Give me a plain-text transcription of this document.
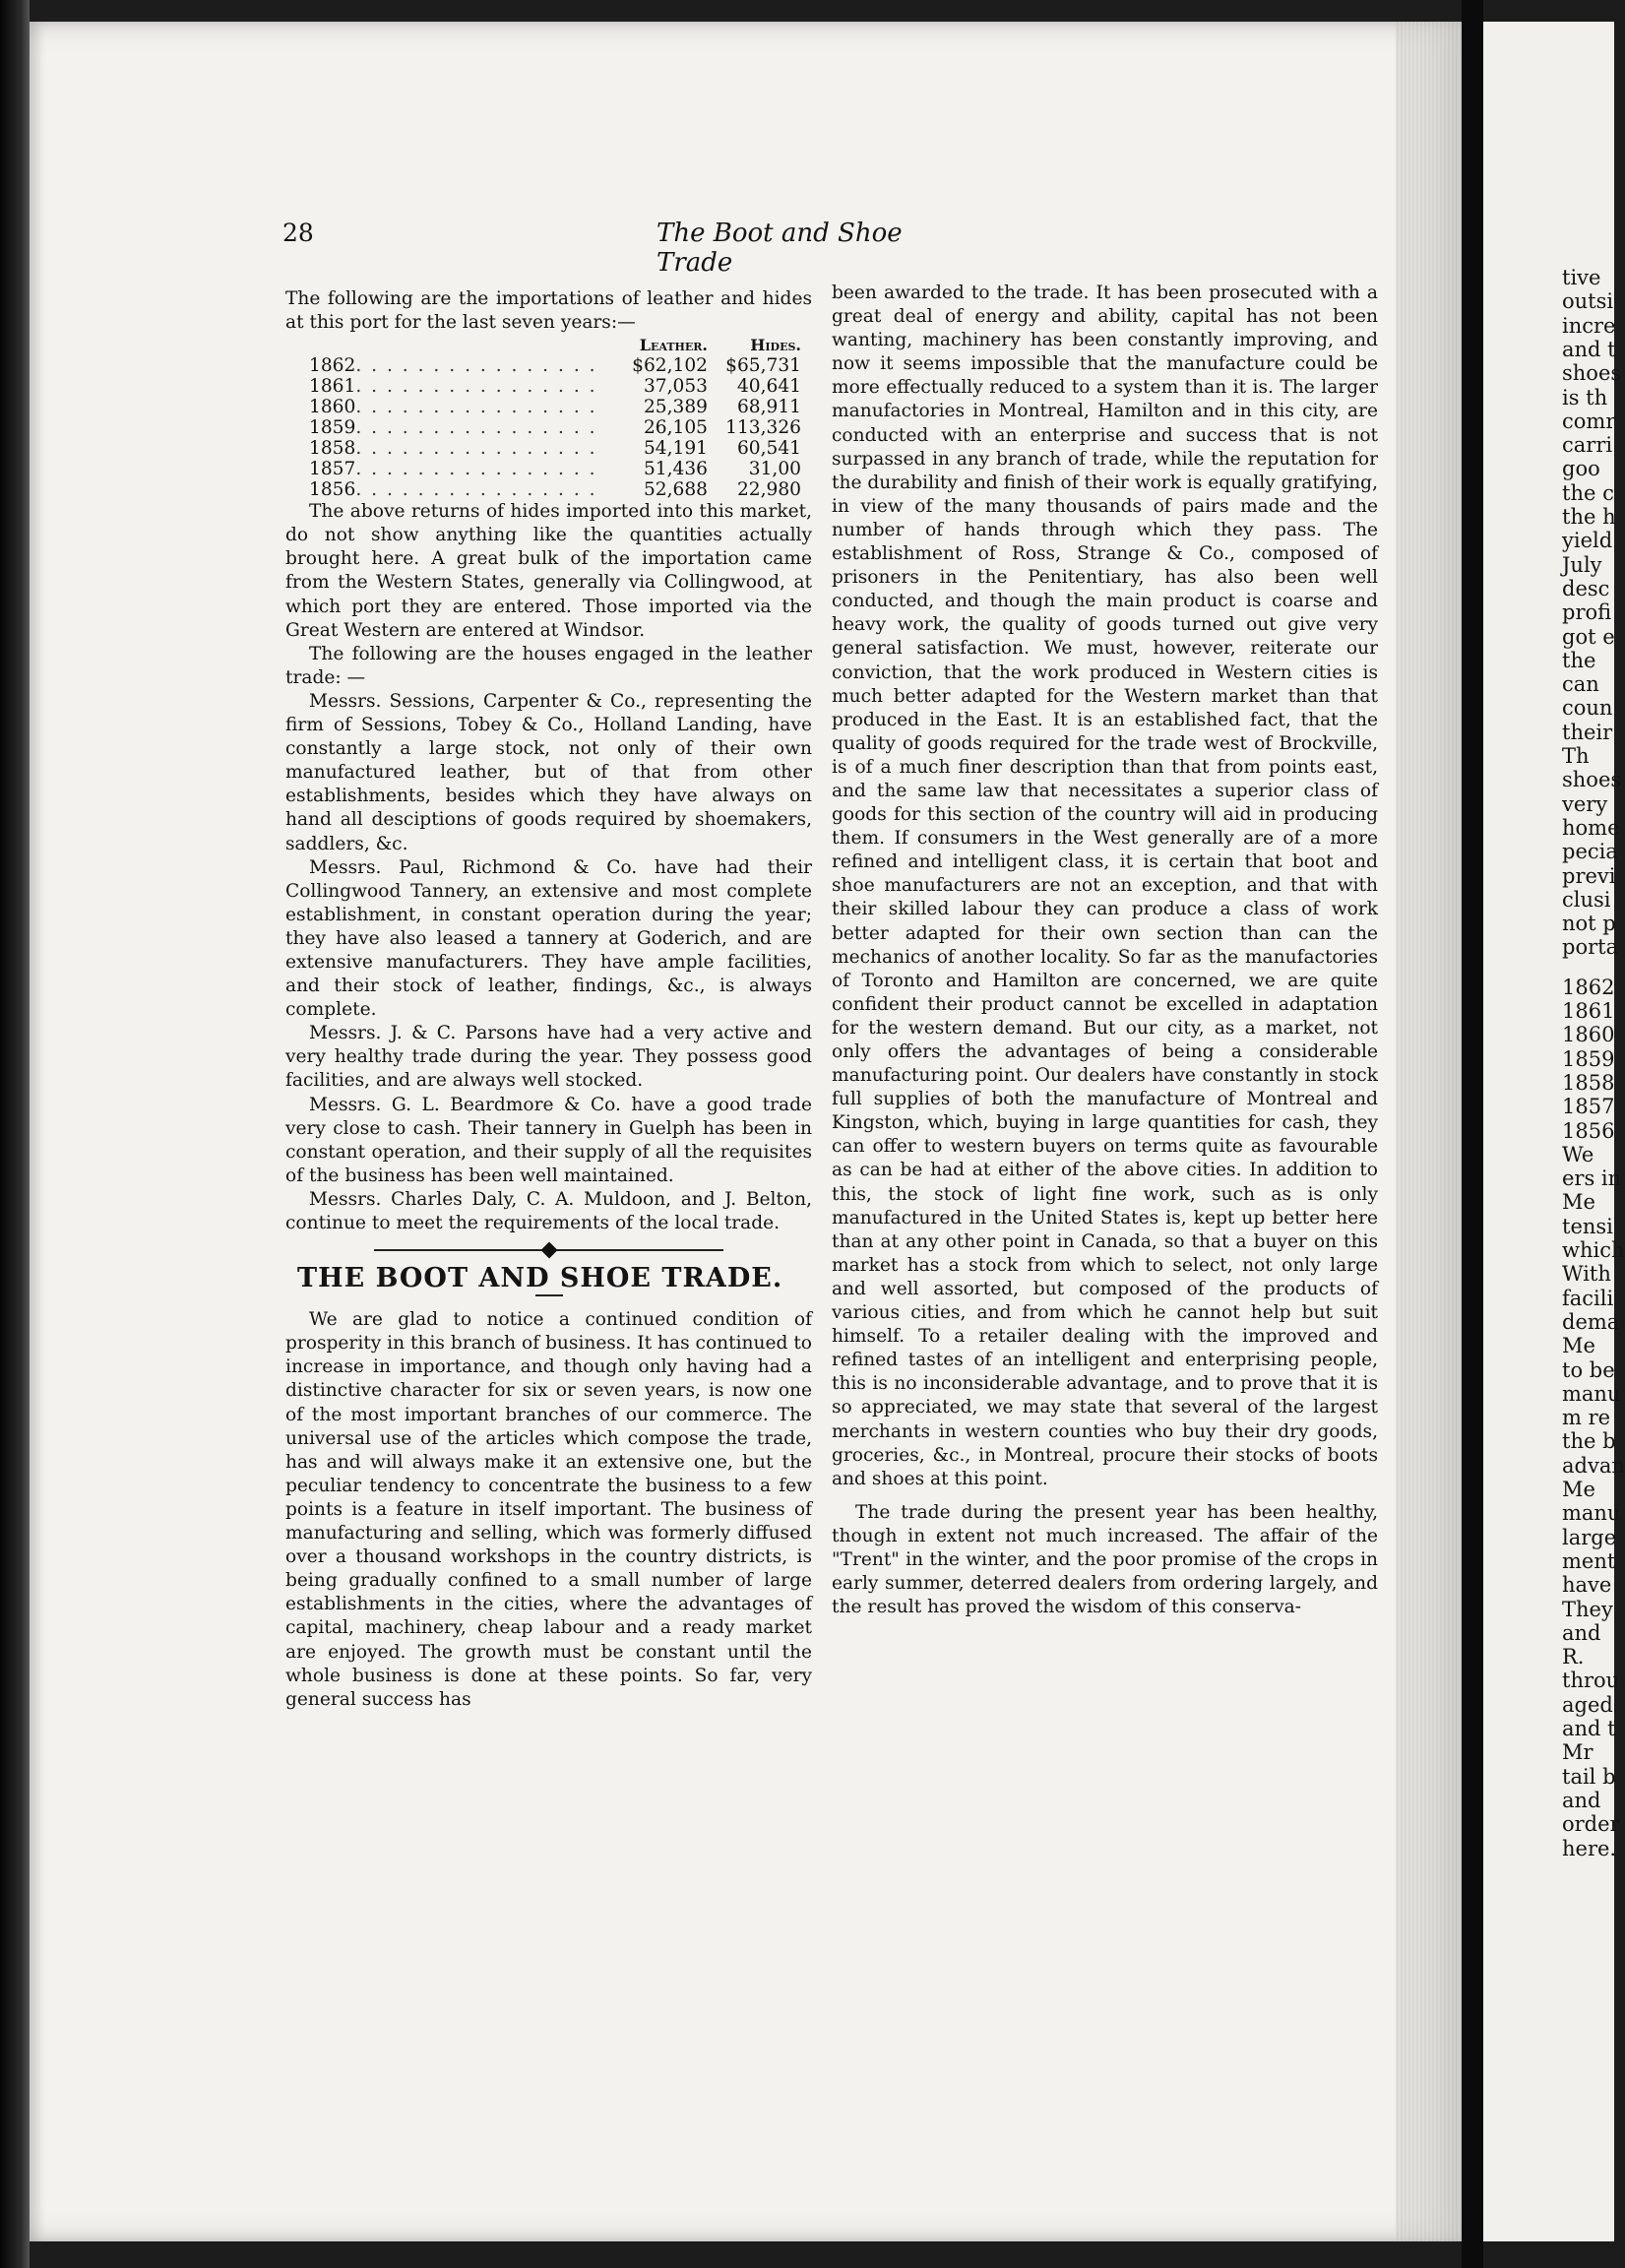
tive
outsi
incre
and t
shoes
is th
comr
carri
goo
the c
the h
yield
July
desc
profi
got e
the
can
coun
their
Th
shoes
very
home
pecia
previ
clusi
not p
porta
1862
1861
1860
1859
1858
1857
1856
We
ers in
Me
tensi
which
With
facili
dema
Me
to be
manu
m re
the b
advan
Me
manu
large
ment
have
They
and
R.
throu
aged
and t
Mr
tail b
and
order
here.
28	The Boot and Shoe Trade

The following are the importations of leather and hides at this port for the last seven years:—

	Leather.	Hides.
1862. . . . . . . . . . . . . . . .	$62,102	$65,731
1861. . . . . . . . . . . . . . . .	37,053	40,641
1860. . . . . . . . . . . . . . . .	25,389	68,911
1859. . . . . . . . . . . . . . . .	26,105	113,326
1858. . . . . . . . . . . . . . . .	54,191	60,541
1857. . . . . . . . . . . . . . . .	51,436	31,00
1856. . . . . . . . . . . . . . . .	52,688	22,980

The above returns of hides imported into this market, do not show anything like the quantities actually brought here. A great bulk of the importation came from the Western States, generally via Collingwood, at which port they are entered. Those imported via the Great Western are entered at Windsor.

The following are the houses engaged in the leather trade: —

Messrs. Sessions, Carpenter & Co., representing the firm of Sessions, Tobey & Co., Holland Landing, have constantly a large stock, not only of their own manufactured leather, but of that from other establishments, besides which they have always on hand all desciptions of goods required by shoemakers, saddlers, &c.

Messrs. Paul, Richmond & Co. have had their Collingwood Tannery, an extensive and most complete establishment, in constant operation during the year; they have also leased a tannery at Goderich, and are extensive manufacturers. They have ample facilities, and their stock of leather, findings, &c., is always complete.

Messrs. J. & C. Parsons have had a very active and very healthy trade during the year. They possess good facilities, and are always well stocked.

Messrs. G. L. Beardmore & Co. have a good trade very close to cash. Their tannery in Guelph has been in constant operation, and their supply of all the requisites of the business has been well maintained.

Messrs. Charles Daly, C. A. Muldoon, and J. Belton, continue to meet the requirements of the local trade.

THE BOOT AND SHOE TRADE.

We are glad to notice a continued condition of prosperity in this branch of business. It has continued to increase in importance, and though only having had a distinctive character for six or seven years, is now one of the most important branches of our commerce. The universal use of the articles which compose the trade, has and will always make it an extensive one, but the peculiar tendency to concentrate the business to a few points is a feature in itself important. The business of manufacturing and selling, which was formerly diffused over a thousand workshops in the country districts, is being gradually confined to a small number of large establishments in the cities, where the advantages of capital, machinery, cheap labour and a ready market are enjoyed. The growth must be constant until the whole business is done at these points. So far, very general success has

been awarded to the trade. It has been prosecuted with a great deal of energy and ability, capital has not been wanting, machinery has been constantly improving, and now it seems impossible that the manufacture could be more effectually reduced to a system than it is. The larger manufactories in Montreal, Hamilton and in this city, are conducted with an enterprise and success that is not surpassed in any branch of trade, while the reputation for the durability and finish of their work is equally gratifying, in view of the many thousands of pairs made and the number of hands through which they pass. The establishment of Ross, Strange & Co., composed of prisoners in the Penitentiary, has also been well conducted, and though the main product is coarse and heavy work, the quality of goods turned out give very general satisfaction. We must, however, reiterate our conviction, that the work produced in Western cities is much better adapted for the Western market than that produced in the East. It is an established fact, that the quality of goods required for the trade west of Brockville, is of a much finer description than that from points east, and the same law that necessitates a superior class of goods for this section of the country will aid in producing them. If consumers in the West generally are of a more refined and intelligent class, it is certain that boot and shoe manufacturers are not an exception, and that with their skilled labour they can produce a class of work better adapted for their own section than can the mechanics of another locality. So far as the manufactories of Toronto and Hamilton are concerned, we are quite confident their product cannot be excelled in adaptation for the western demand. But our city, as a market, not only offers the advantages of being a considerable manufacturing point. Our dealers have constantly in stock full supplies of both the manufacture of Montreal and Kingston, which, buying in large quantities for cash, they can offer to western buyers on terms quite as favourable as can be had at either of the above cities. In addition to this, the stock of light fine work, such as is only manufactured in the United States is, kept up better here than at any other point in Canada, so that a buyer on this market has a stock from which to select, not only large and well assorted, but composed of the products of various cities, and from which he cannot help but suit himself. To a retailer dealing with the improved and refined tastes of an intelligent and enterprising people, this is no inconsiderable advantage, and to prove that it is so appreciated, we may state that several of the largest merchants in western counties who buy their dry goods, groceries, &c., in Montreal, procure their stocks of boots and shoes at this point.

The trade during the present year has been healthy, though in extent not much increased. The affair of the "Trent" in the winter, and the poor promise of the crops in early summer, deterred dealers from ordering largely, and the result has proved the wisdom of this conserva-
